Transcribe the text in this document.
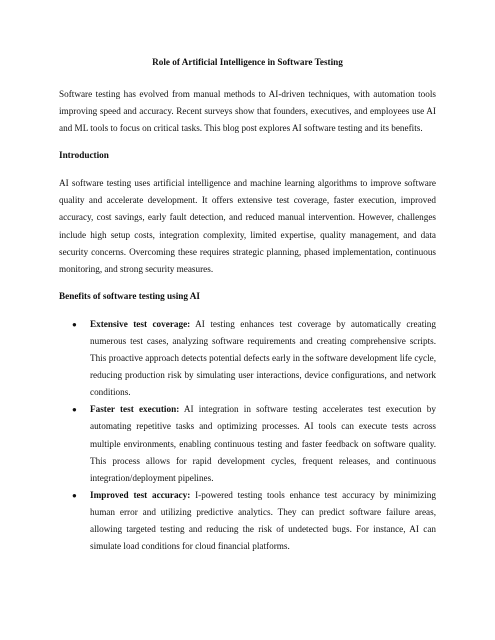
Role of Artificial Intelligence in Software Testing

Software testing has evolved from manual methods to AI-driven techniques, with automation tools improving speed and accuracy. Recent surveys show that founders, executives, and employees use AI and ML tools to focus on critical tasks. This blog post explores AI software testing and its benefits.

Introduction

AI software testing uses artificial intelligence and machine learning algorithms to improve software quality and accelerate development. It offers extensive test coverage, faster execution, improved accuracy, cost savings, early fault detection, and reduced manual intervention. However, challenges include high setup costs, integration complexity, limited expertise, quality management, and data security concerns. Overcoming these requires strategic planning, phased implementation, continuous monitoring, and strong security measures.

Benefits of software testing using AI
● Extensive test coverage: AI testing enhances test coverage by automatically creating numerous test cases, analyzing software requirements and creating comprehensive scripts. This proactive approach detects potential defects early in the software development life cycle, reducing production risk by simulating user interactions, device configurations, and network conditions.
● Faster test execution: AI integration in software testing accelerates test execution by automating repetitive tasks and optimizing processes. AI tools can execute tests across multiple environments, enabling continuous testing and faster feedback on software quality. This process allows for rapid development cycles, frequent releases, and continuous integration/deployment pipelines.
● Improved test accuracy: I-powered testing tools enhance test accuracy by minimizing human error and utilizing predictive analytics. They can predict software failure areas, allowing targeted testing and reducing the risk of undetected bugs. For instance, AI can simulate load conditions for cloud financial platforms.
